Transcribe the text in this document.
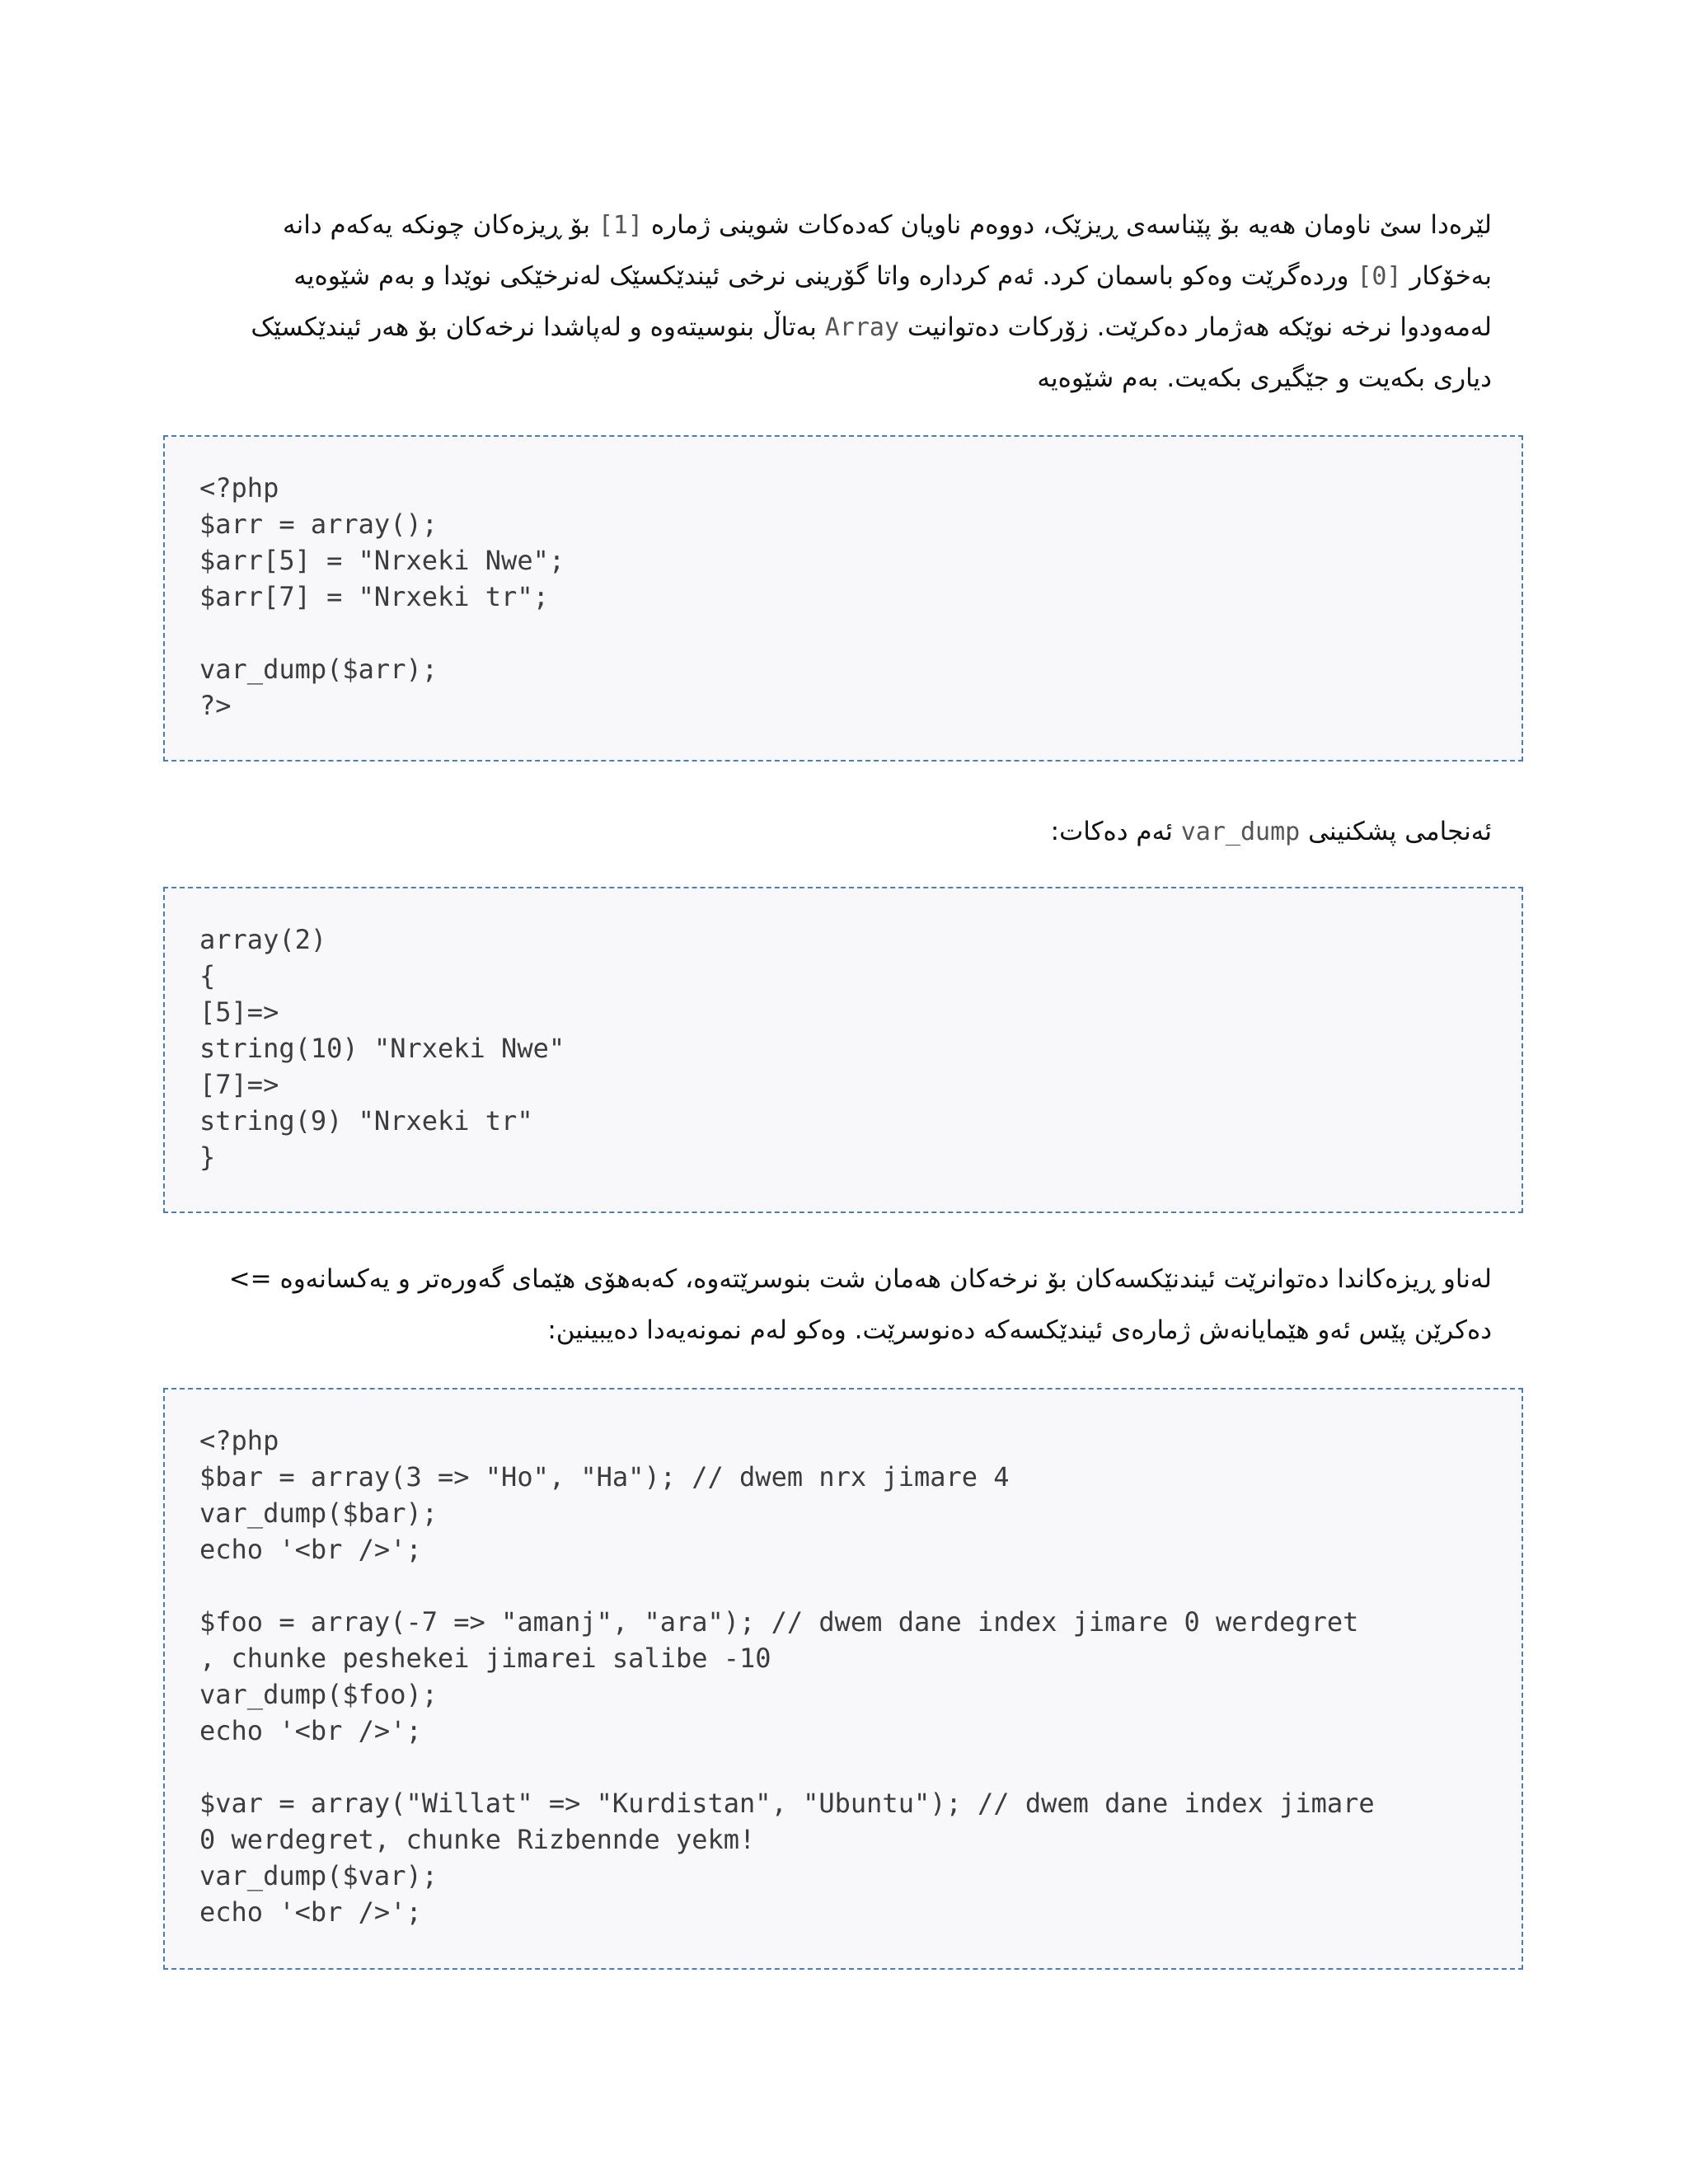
لێرەدا سێ ناومان هەیە بۆ پێناسەی ڕیزێک، دووەم ناویان کەدەکات شوینی ژمارە [1] بۆ ڕیزەکان چونکە یەکەم دانە
بەخۆکار [0] وردەگرێت وەکو باسمان کرد. ئەم کردارە واتا گۆرینی نرخی ئیندێکسێک لەنرخێکی نوێدا و بەم شێوەیە
لەمەودوا نرخە نوێکە هەژمار دەکرێت. زۆرکات دەتوانیت Array بەتاڵ بنوسیتەوە و لەپاشدا نرخەکان بۆ هەر ئیندێکسێک
دیاری بکەیت و جێگیری بکەیت. بەم شێوەیە
<?php
$arr = array();
$arr[5] = "Nrxeki Nwe";
$arr[7] = "Nrxeki tr";
var_dump($arr);
?>
ئەنجامی پشکنینی var_dump ئەم دەکات:
array(2)
{
[5]=>
string(10) "Nrxeki Nwe"
[7]=>
string(9) "Nrxeki tr"
}
لەناو ڕیزەکاندا دەتوانرێت ئیندنێکسەکان بۆ نرخەکان هەمان شت بنوسرێتەوە، کەبەهۆی هێمای گەورەتر و یەکسانەوە =>
دەکرێن پێس ئەو هێمایانەش ژمارەی ئیندێکسەکە دەنوسرێت. وەکو لەم نمونەیەدا دەیبینین:
<?php
$bar = array(3 => "Ho", "Ha"); // dwem nrx jimare 4
var_dump($bar);
echo '<br />';
$foo = array(-7 => "amanj", "ara"); // dwem dane index jimare 0 werdegret
, chunke peshekei jimarei salibe -10
var_dump($foo);
echo '<br />';
$var = array("Willat" => "Kurdistan", "Ubuntu"); // dwem dane index jimare
0 werdegret, chunke Rizbennde yekm!
var_dump($var);
echo '<br />';
